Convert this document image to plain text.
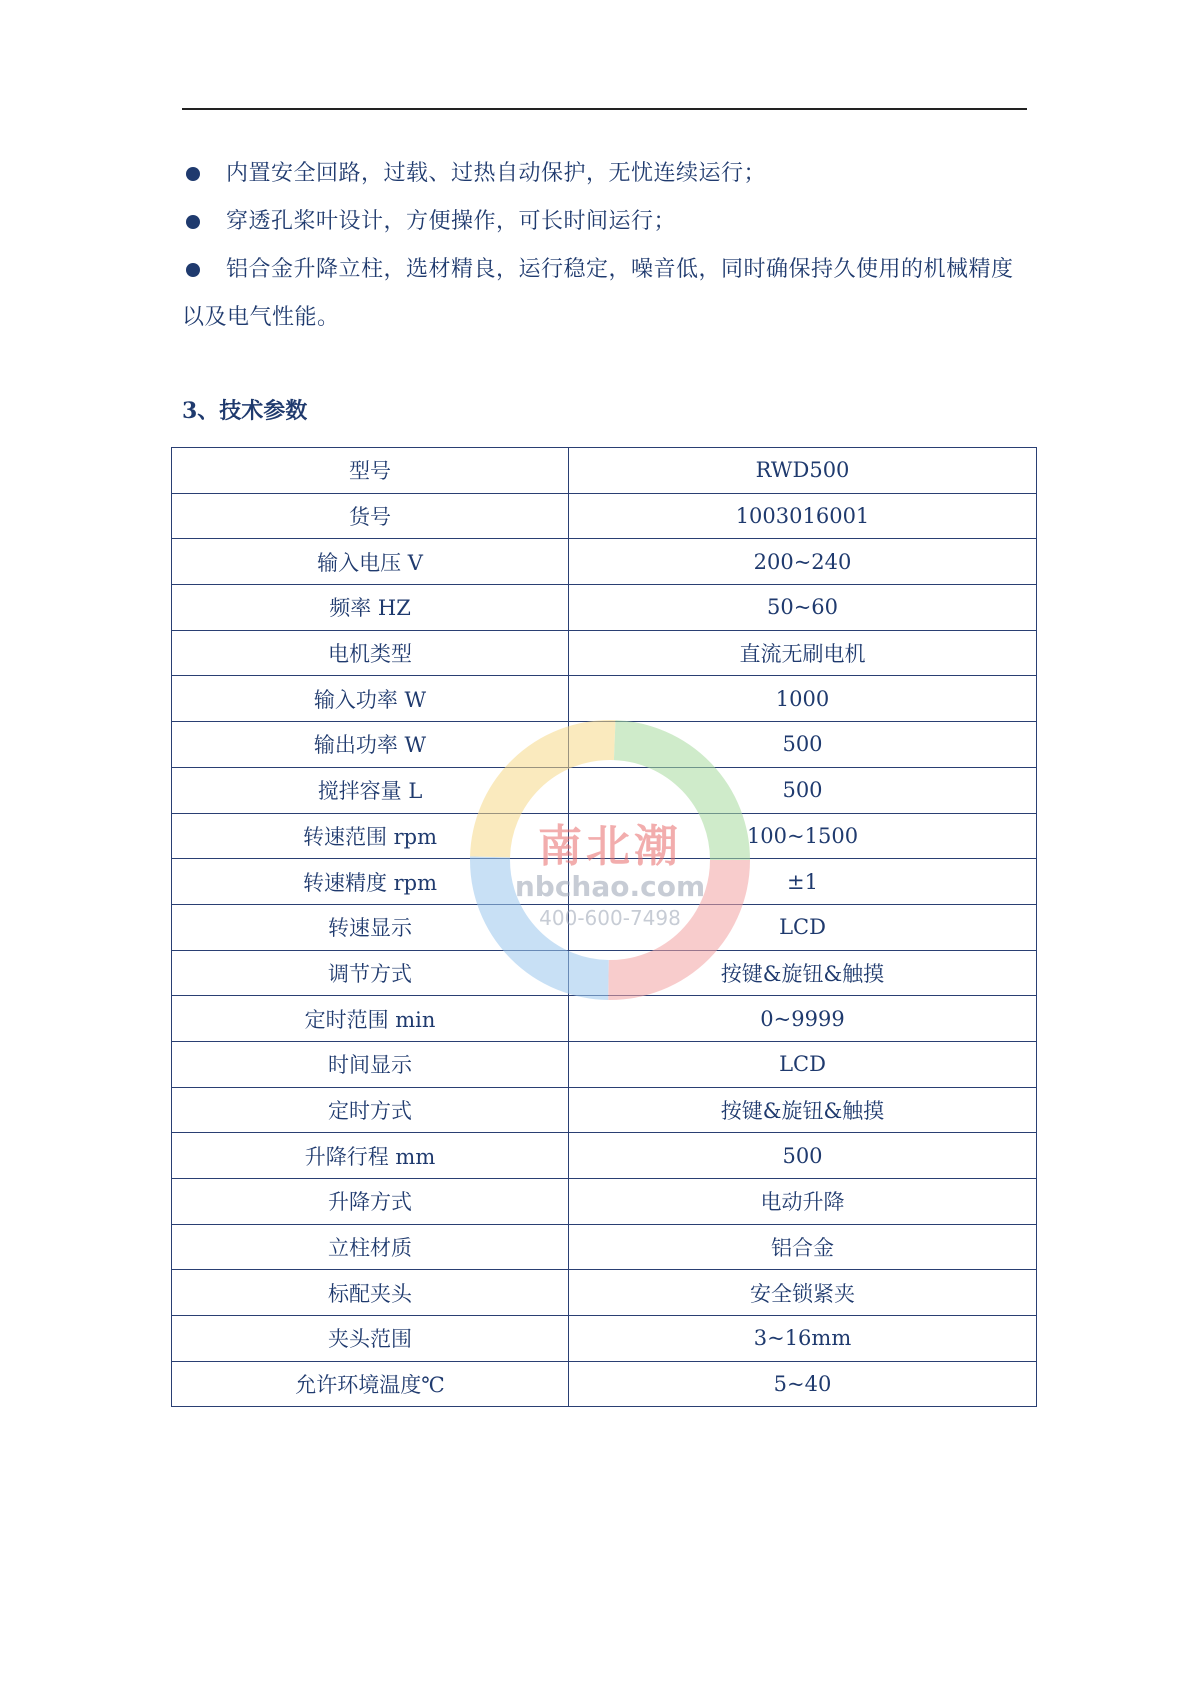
内置安全回路，过载、过热自动保护，无忧连续运行；
穿透孔桨叶设计，方便操作，可长时间运行；
铝合金升降立柱，选材精良，运行稳定，噪音低，同时确保持久使用的机械精度以及电气性能。
3、技术参数
型号	RWD500
货号	1003016001
输入电压 V	200~240
频率 HZ	50~60
电机类型	直流无刷电机
输入功率 W	1000
输出功率 W	500
搅拌容量 L	500
转速范围 rpm	100~1500
转速精度 rpm	±1
转速显示	LCD
调节方式	按键&旋钮&触摸
定时范围 min	0~9999
时间显示	LCD
定时方式	按键&旋钮&触摸
升降行程 mm	500
升降方式	电动升降
立柱材质	铝合金
标配夹头	安全锁紧夹
夹头范围	3~16mm
允许环境温度℃	5~40
南北潮
nbchao.com
400-600-7498
